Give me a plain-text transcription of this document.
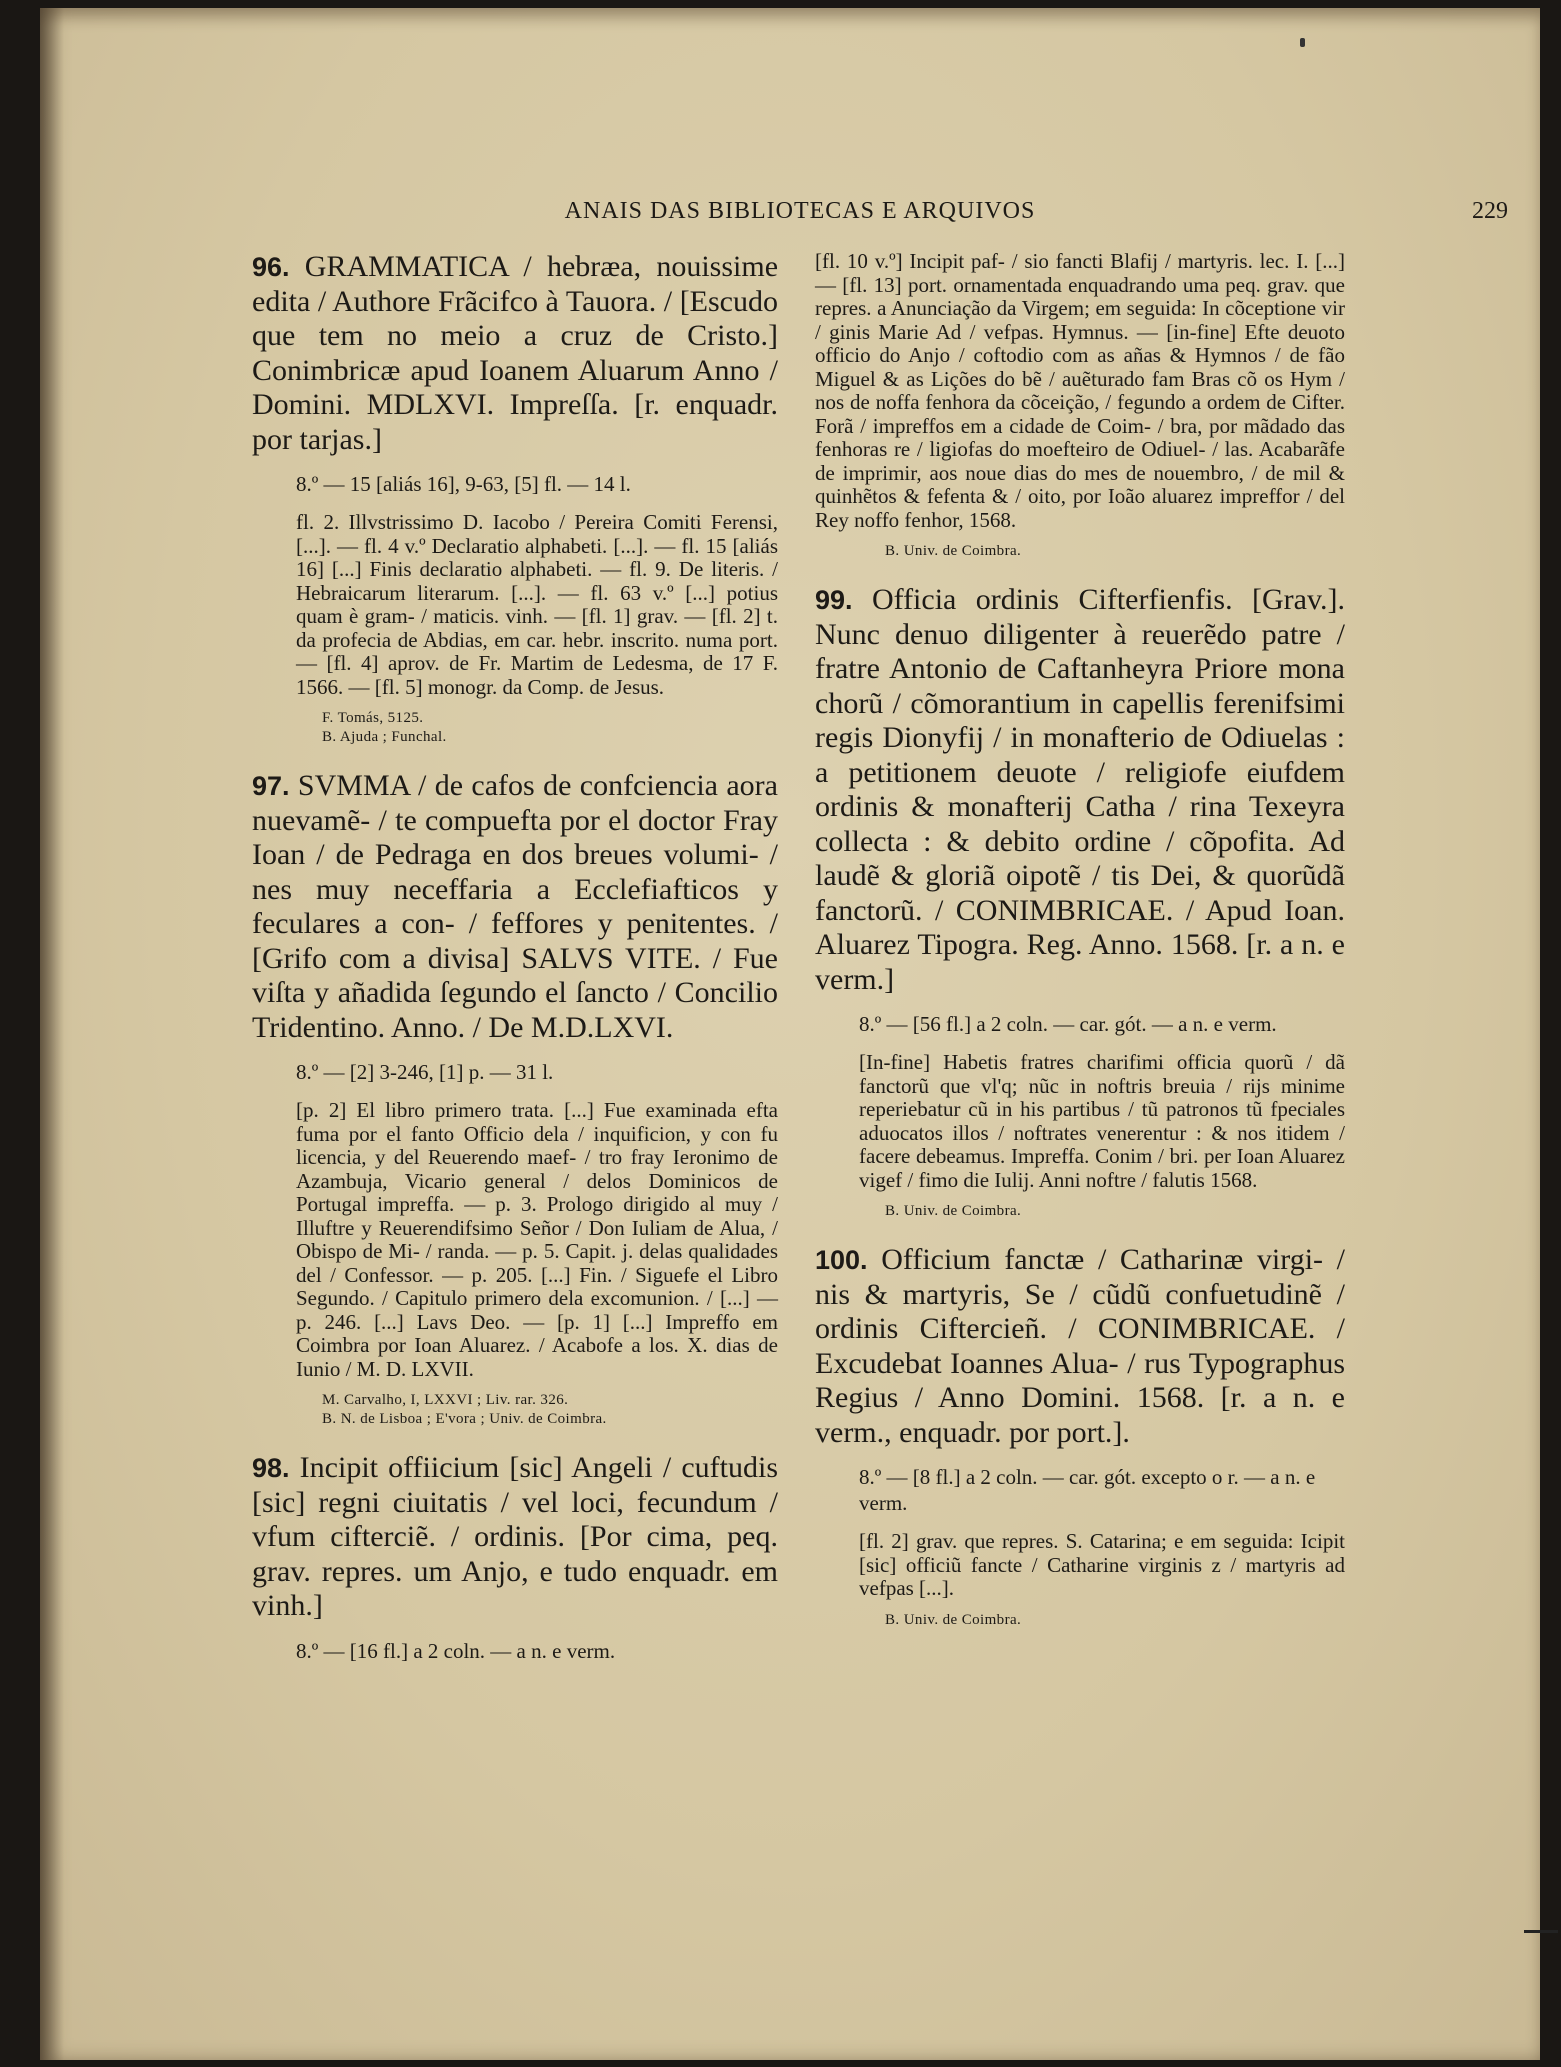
ANAIS DAS BIBLIOTECAS E ARQUIVOS	229

96. GRAMMATICA / hebræa, nouissime edita / Authore Frãcifco à Tauora. / [Escudo que tem no meio a cruz de Cristo.] Conimbricæ apud Ioanem Aluarum Anno / Domini. MDLXVI. Impreſſa. [r. enquadr. por tarjas.]

8.º — 15 [aliás 16], 9-63, [5] fl. — 14 l.
fl. 2. Illvstrissimo D. Iacobo / Pereira Comiti Ferensi, [...]. — fl. 4 v.º Declaratio alphabeti. [...]. — fl. 15 [aliás 16] [...] Finis declaratio alphabeti. — fl. 9. De literis. / Hebraicarum literarum. [...]. — fl. 63 v.º [...] potius quam è gram- / maticis. vinh. — [fl. 1] grav. — [fl. 2] t. da profecia de Abdias, em car. hebr. inscrito. numa port. — [fl. 4] aprov. de Fr. Martim de Ledesma, de 17 F. 1566. — [fl. 5] monogr. da Comp. de Jesus.
F. Tomás, 5125.
B. Ajuda ; Funchal.

97. SVMMA / de cafos de confciencia aora nuevamẽ- / te compuefta por el doctor Fray Ioan / de Pedraga en dos breues volumi- / nes muy neceffaria a Ecclefiafticos y feculares a con- / feffores y penitentes. / [Grifo com a divisa] SALVS VITE. / Fue viſta y añadida ſegundo el ſancto / Concilio Tridentino. Anno. / De M.D.LXVI.

8.º — [2] 3-246, [1] p. — 31 l.
[p. 2] El libro primero trata. [...] Fue examinada efta fuma por el fanto Officio dela / inquificion, y con fu licencia, y del Reuerendo maef- / tro fray Ieronimo de Azambuja, Vicario general / delos Dominicos de Portugal impreffa. — p. 3. Prologo dirigido al muy / Illuftre y Reuerendifsimo Señor / Don Iuliam de Alua, / Obispo de Mi- / randa. — p. 5. Capit. j. delas qualidades del / Confessor. — p. 205. [...] Fin. / Siguefe el Libro Segundo. / Capitulo primero dela excomunion. / [...] — p. 246. [...] Lavs Deo. — [p. 1] [...] Impreffo em Coimbra por Ioan Aluarez. / Acabofe a los. X. dias de Iunio / M. D. LXVII.
M. Carvalho, I, LXXVI ; Liv. rar. 326.
B. N. de Lisboa ; E'vora ; Univ. de Coimbra.

98. Incipit offiicium [sic] Angeli / cuftudis [sic] regni ciuitatis / vel loci, fecundum / vfum cifterciẽ. / ordinis. [Por cima, peq. grav. repres. um Anjo, e tudo enquadr. em vinh.]

8.º — [16 fl.] a 2 coln. — a n. e verm.
[fl. 10 v.º] Incipit paf- / sio fancti Blafij / martyris. lec. I. [...] — [fl. 13] port. ornamentada enquadrando uma peq. grav. que repres. a Anunciação da Virgem; em seguida: In cõceptione vir / ginis Marie Ad / vefpas. Hymnus. — [in-fine] Efte deuoto officio do Anjo / coftodio com as añas & Hymnos / de fão Miguel & as Lições do bẽ / auẽturado fam Bras cõ os Hym / nos de noffa fenhora da cõceição, / fegundo a ordem de Cifter. Forã / impreffos em a cidade de Coim- / bra, por mãdado das fenhoras re / ligiofas do moefteiro de Odiuel- / las. Acabarãfe de imprimir, aos noue dias do mes de nouembro, / de mil & quinhẽtos & fefenta & / oito, por Ioão aluarez impreffor / del Rey noffo fenhor, 1568.
B. Univ. de Coimbra.

99. Officia ordinis Cifterfienfis. [Grav.]. Nunc denuo diligenter à reuerẽdo patre / fratre Antonio de Caftanheyra Priore mona chorũ / cõmorantium in capellis ferenifsimi regis Dionyfij / in monafterio de Odiuelas : a petitionem deuote / religiofe eiufdem ordinis & monafterij Catha / rina Texeyra collecta : & debito ordine / cõpofita. Ad laudẽ & gloriã oipotẽ / tis Dei, & quorũdã fanctorũ. / CONIMBRICAE. / Apud Ioan. Aluarez Tipogra. Reg. Anno. 1568. [r. a n. e verm.]

8.º — [56 fl.] a 2 coln. — car. gót. — a n. e verm.
[In-fine] Habetis fratres charifimi officia quorũ / dã fanctorũ que vl'q; nũc in noftris breuia / rijs minime reperiebatur cũ in his partibus / tũ patronos tũ fpeciales aduocatos illos / noftrates venerentur : & nos itidem / facere debeamus. Impreffa. Conim / bri. per Ioan Aluarez vigef / fimo die Iulij. Anni noftre / falutis 1568.
B. Univ. de Coimbra.

100. Officium fanctæ / Catharinæ virgi- / nis & martyris, Se / cũdũ confuetudinẽ / ordinis Ciftercieñ. / CONIMBRICAE. / Excudebat Ioannes Alua- / rus Typographus Regius / Anno Domini. 1568. [r. a n. e verm., enquadr. por port.].

8.º — [8 fl.] a 2 coln. — car. gót. excepto o r. — a n. e verm.
[fl. 2] grav. que repres. S. Catarina; e em seguida: Icipit [sic] officiũ fancte / Catharine virginis z / martyris ad vefpas [...].
B. Univ. de Coimbra.
